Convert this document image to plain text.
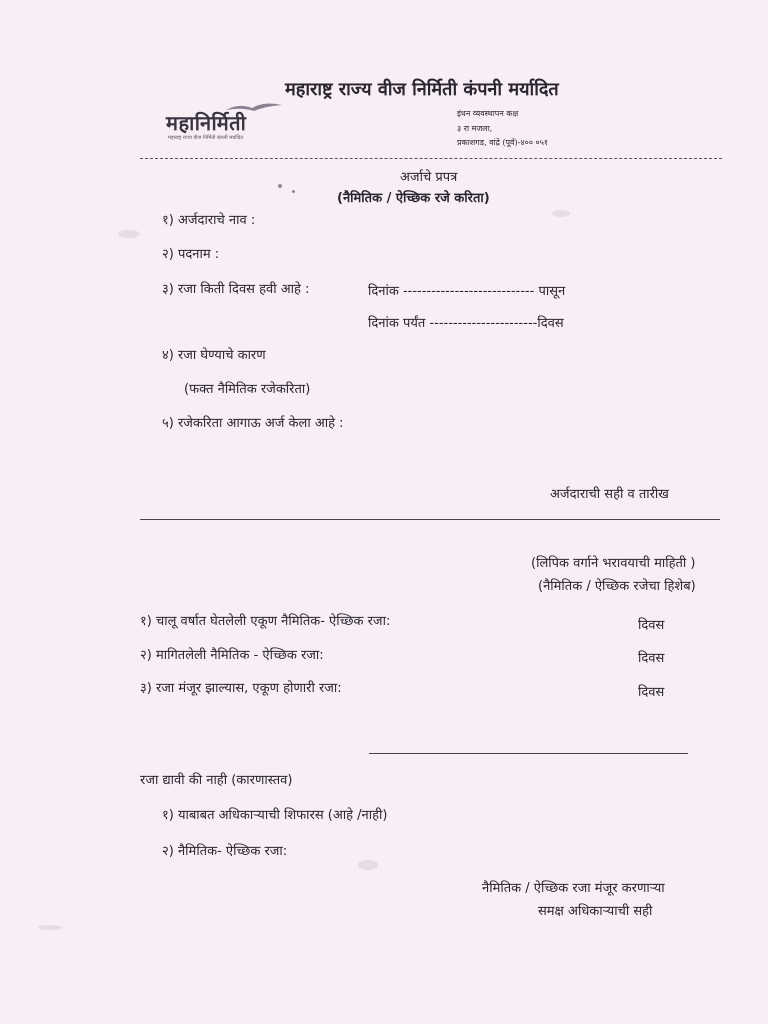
महाराष्ट्र राज्य वीज निर्मिती कंपनी मर्यादित
महानिर्मिती
महाराष्ट्र राज्य वीज निर्मिती कंपनी मर्यादित
इंधन व्यवस्थापन कक्ष
३ रा मजला,
प्रकाशगड, वांद्रे (पूर्व)-४०० ०५१
अर्जाचे प्रपत्र
(नैमितिक / ऐच्छिक रजे करिता)
१) अर्जदाराचे नाव :
२) पदनाम :
३) रजा किती दिवस हवी आहे :	दिनांक ---------------------------- पासून
दिनांक पर्यंत -----------------------दिवस
४) रजा घेण्याचे कारण
(फक्त नैमितिक रजेकरिता)
५) रजेकरिता आगाऊ अर्ज केला आहे :
अर्जदाराची सही व तारीख
(लिपिक वर्गाने भरावयाची माहिती )
(नैमितिक / ऐच्छिक रजेचा हिशेब)
१) चालू वर्षात घेतलेली एकूण नैमितिक- ऐच्छिक रजा:	दिवस
२) मागितलेली नैमितिक - ऐच्छिक रजा:	दिवस
३) रजा मंजूर झाल्यास, एकूण होणारी रजा:	दिवस
रजा द्यावी की नाही (कारणास्तव)
१) याबाबत अधिकाऱ्याची शिफारस (आहे /नाही)
२) नैमितिक- ऐच्छिक रजा:
नैमितिक / ऐच्छिक रजा मंजूर करणाऱ्या
समक्ष अधिकाऱ्याची सही
